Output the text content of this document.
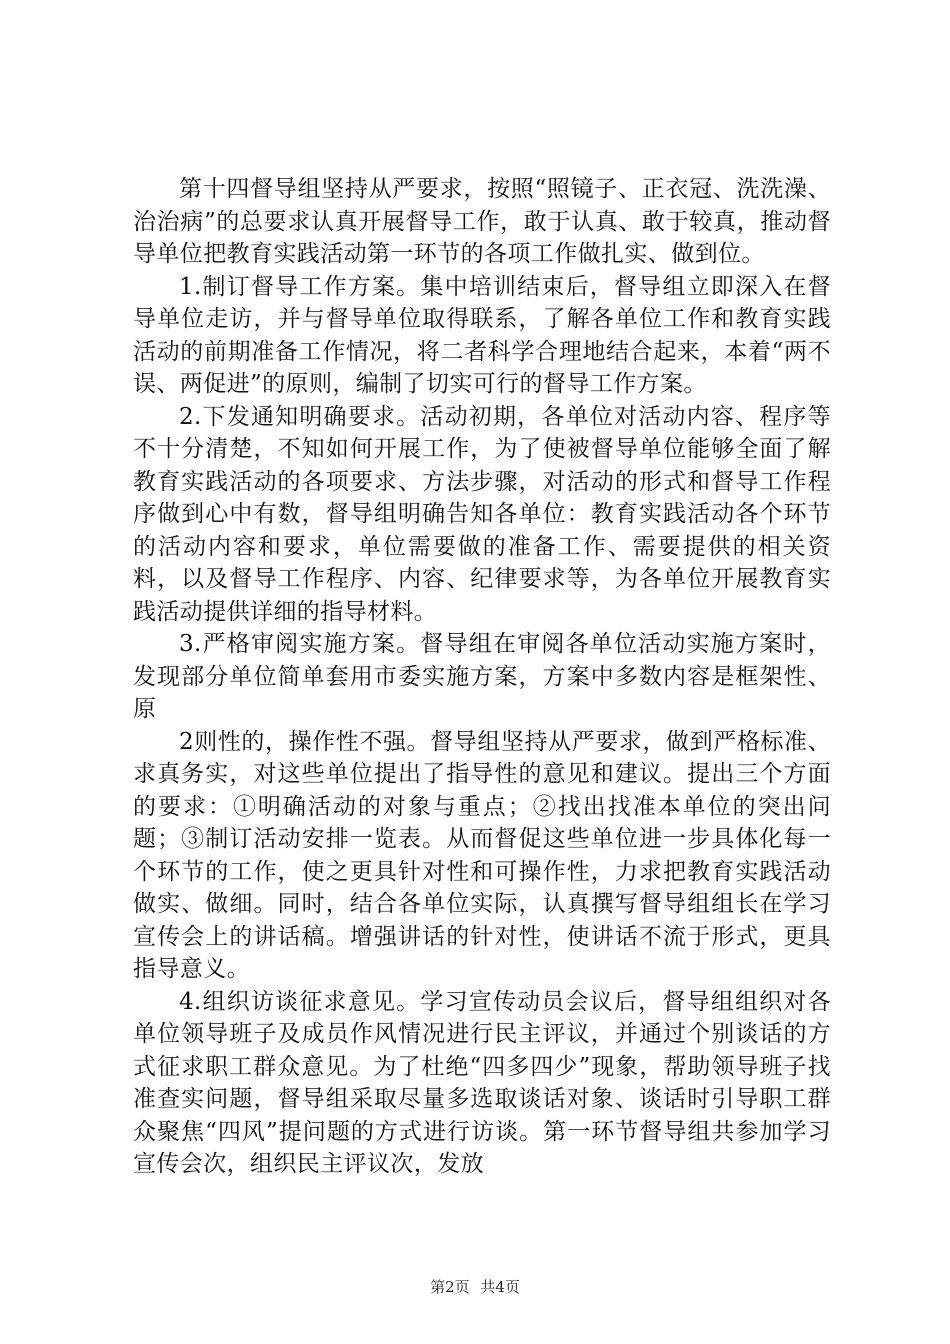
第十四督导组坚持从严要求，按照“照镜子、正衣冠、洗洗澡、治治病”的总要求认真开展督导工作，敢于认真、敢于较真，推动督导单位把教育实践活动第一环节的各项工作做扎实、做到位。

1.制订督导工作方案。集中培训结束后，督导组立即深入在督导单位走访，并与督导单位取得联系，了解各单位工作和教育实践活动的前期准备工作情况，将二者科学合理地结合起来，本着“两不误、两促进”的原则，编制了切实可行的督导工作方案。

2.下发通知明确要求。活动初期，各单位对活动内容、程序等不十分清楚，不知如何开展工作，为了使被督导单位能够全面了解教育实践活动的各项要求、方法步骤，对活动的形式和督导工作程序做到心中有数，督导组明确告知各单位：教育实践活动各个环节的活动内容和要求，单位需要做的准备工作、需要提供的相关资料，以及督导工作程序、内容、纪律要求等，为各单位开展教育实践活动提供详细的指导材料。

3.严格审阅实施方案。督导组在审阅各单位活动实施方案时，发现部分单位简单套用市委实施方案，方案中多数内容是框架性、原

2则性的，操作性不强。督导组坚持从严要求，做到严格标准、求真务实，对这些单位提出了指导性的意见和建议。提出三个方面的要求：①明确活动的对象与重点；②找出找准本单位的突出问题；③制订活动安排一览表。从而督促这些单位进一步具体化每一个环节的工作，使之更具针对性和可操作性，力求把教育实践活动做实、做细。同时，结合各单位实际，认真撰写督导组组长在学习宣传会上的讲话稿。增强讲话的针对性，使讲话不流于形式，更具指导意义。

4.组织访谈征求意见。学习宣传动员会议后，督导组组织对各单位领导班子及成员作风情况进行民主评议，并通过个别谈话的方式征求职工群众意见。为了杜绝“四多四少”现象，帮助领导班子找准查实问题，督导组采取尽量多选取谈话对象、谈话时引导职工群众聚焦“四风”提问题的方式进行访谈。第一环节督导组共参加学习宣传会次，组织民主评议次，发放

第2页 共4页
